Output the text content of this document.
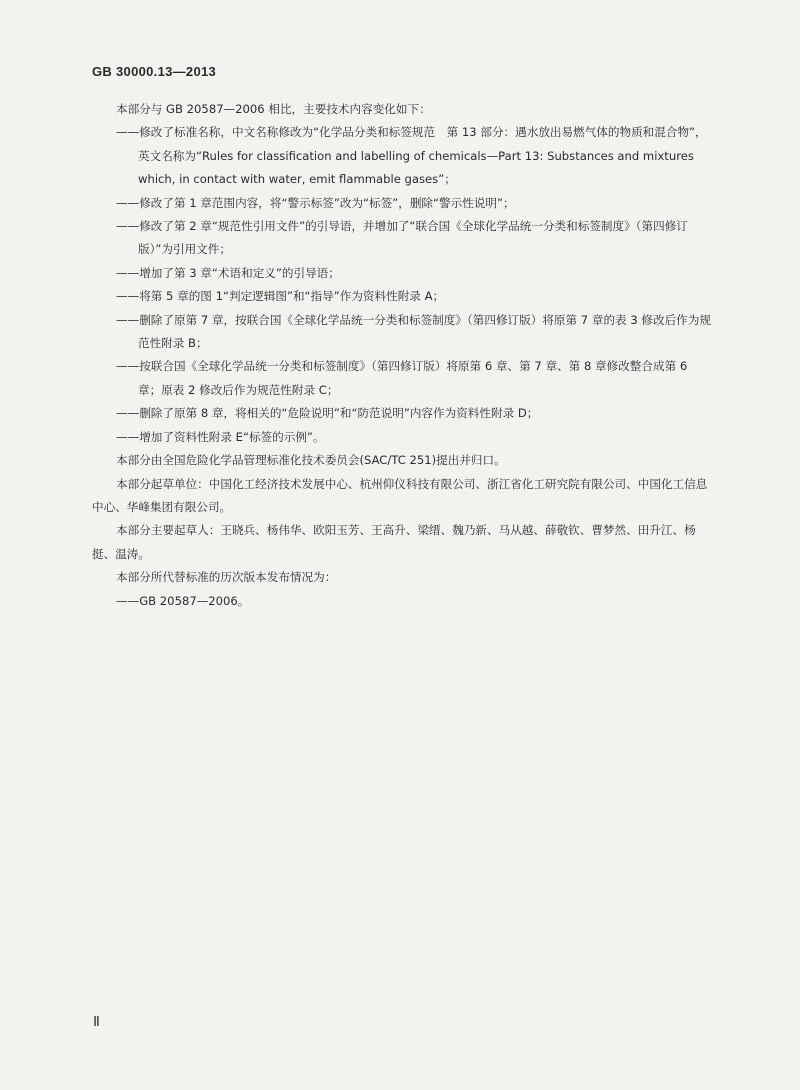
GB 30000.13—2013

本部分与 GB 20587—2006 相比，主要技术内容变化如下：

——修改了标准名称，中文名称修改为“化学品分类和标签规范　第 13 部分：遇水放出易燃气体的物质和混合物”，英文名称为“Rules for classification and labelling of chemicals—Part 13: Substances and mixtures which, in contact with water, emit flammable gases”；

——修改了第 1 章范围内容，将“警示标签”改为“标签”，删除“警示性说明”；

——修改了第 2 章“规范性引用文件”的引导语，并增加了“联合国《全球化学品统一分类和标签制度》（第四修订版）”为引用文件；

——增加了第 3 章“术语和定义”的引导语；

——将第 5 章的图 1“判定逻辑图”和“指导”作为资料性附录 A；

——删除了原第 7 章，按联合国《全球化学品统一分类和标签制度》（第四修订版）将原第 7 章的表 3 修改后作为规范性附录 B；

——按联合国《全球化学品统一分类和标签制度》（第四修订版）将原第 6 章、第 7 章、第 8 章修改整合成第 6 章；原表 2 修改后作为规范性附录 C；

——删除了原第 8 章，将相关的“危险说明”和“防范说明”内容作为资料性附录 D；

——增加了资料性附录 E“标签的示例”。

本部分由全国危险化学品管理标准化技术委员会(SAC/TC 251)提出并归口。

本部分起草单位：中国化工经济技术发展中心、杭州仰仪科技有限公司、浙江省化工研究院有限公司、中国化工信息中心、华峰集团有限公司。

本部分主要起草人：王晓兵、杨伟华、欧阳玉芳、王高升、梁缙、魏乃新、马从越、薛敬钦、曹梦然、田升江、杨挺、温涛。

本部分所代替标准的历次版本发布情况为：

——GB 20587—2006。

Ⅱ
